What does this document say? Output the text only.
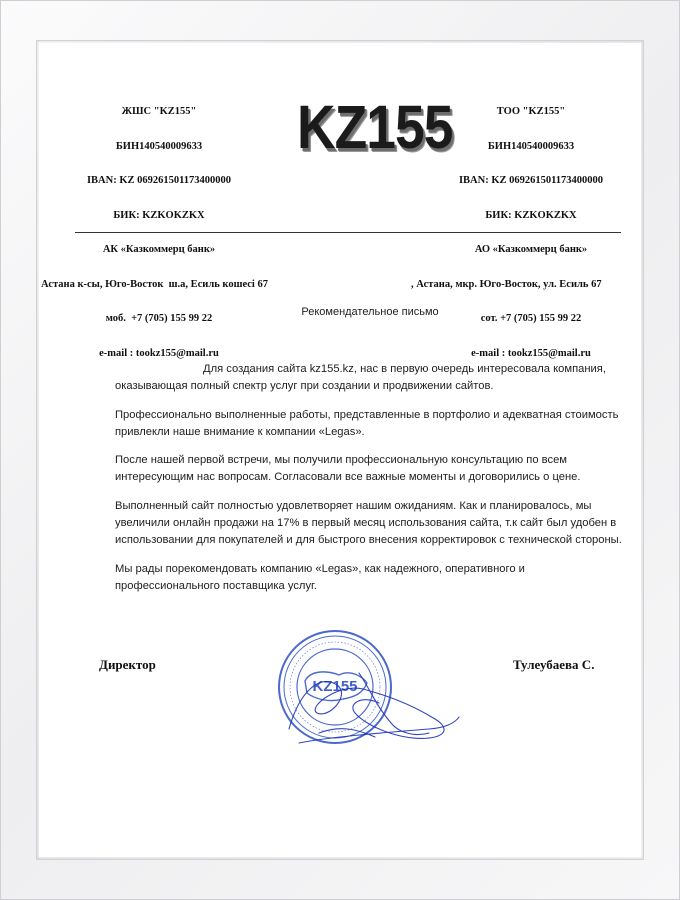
ЖШС "KZ155"

БИН140540009633

IBAN: KZ 069261501173400000

БИК: KZKOKZKX

АК «Казкоммерц банк»

Астана к-сы, Юго-Восток  ш.а, Есиль кошесі 67

моб.  +7 (705) 155 99 22

e-mail : tookz155@mail.ru

KZ155

	ТОО "KZ155"

БИН140540009633

IBAN: KZ 069261501173400000

БИК: KZKOKZKX

АО «Казкоммерц банк»

, Астана, мкр. Юго-Восток, ул. Есиль 67

сот. +7 (705) 155 99 22

e-mail : tookz155@mail.ru

Рекомендательное письмо

Для создания сайта kz155.kz, нас в первую очередь интересовала компания, оказывающая полный спектр услуг при создании и продвижении сайтов.

Профессионально выполненные работы, представленные в портфолио и адекватная стоимость привлекли наше внимание к компании «Legas».

После нашей первой встречи, мы получили профессиональную консультацию по всем интересующим нас вопросам. Согласовали все важные моменты и договорились о цене.

Выполненный сайт полностью удовлетворяет нашим ожиданиям. Как и планировалось, мы увеличили онлайн продажи на 17% в первый месяц использования сайта, т.к сайт был удобен в использовании для покупателей и для быстрого внесения корректировок с технической стороны.

Мы рады порекомендовать компанию «Legas», как надежного, оперативного и профессионального поставщика услуг.

KZ155
Директор	Тулеубаева С.
